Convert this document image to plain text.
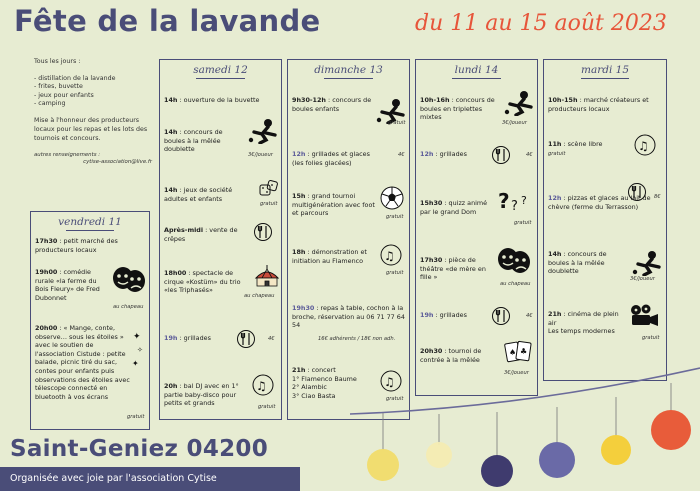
Fête de la lavande	du 11 au 15 août 2023
Tous les jours :
- distillation de la lavande
- frites, buvette
- jeux pour enfants
- camping
Mise à l'honneur des producteurs locaux pour les repas et les lots des tournois et concours.
autres renseignements :
cytise-association@live.fr
vendredi 11
17h30 : petit marché des producteurs locaux
19h00 : comédie rurale «la ferme du Bois Fleury» de Fred Dubonnet
au chapeau
20h00 : « Mange, conte, observe… sous les étoiles » avec le soutien de l'association Cistude : petite balade, picnic tiré du sac, contes pour enfants puis observations des étoiles avec télescope connecté en bluetooth à vos écrans
✦
✧
✦
gratuit
samedi 12
14h : ouverture de la buvette
14h : concours de boules à la mêlée doublette
3€/joueur
14h : jeux de société adultes et enfants
gratuit
Après-midi : vente de crêpes
18h00 : spectacle de cirque «Kostüm» du trio «les Triphasés»
au chapeau
19h : grillades	4€
20h : bal DJ avec en 1° partie baby-disco pour petits et grands
♫
gratuit
dimanche 13
9h30-12h : concours de boules enfants
gratuit
12h : grillades et glaces (les folies glacées)
4€
15h : grand tournoi multigénération avec foot et parcours	gratuit
18h : démonstration et initiation au Flamenco	♫
gratuit
19h30 : repas à table, cochon à la broche, réservation au 06 71 77 64 54
16€ adhérents / 18€ non adh.
21h : concert
1° Flamenco Baume
2° Alambic
3° Ciao Basta
♫
gratuit
lundi 14
10h-16h : concours de boules en triplettes mixtes
3€/joueur
12h : grillades	4€
15h30 : quizz animé par le grand Dom	? ? ?
gratuit
17h30 : pièce de théâtre «de mère en fille »
au chapeau
19h : grillades	4€
20h30 : tournoi de contrée à la mêlée
♠ ♣
3€/joueur
mardi 15
10h-15h : marché créateurs et producteurs locaux
11h : scène libre
gratuit
♫
12h : pizzas et glaces au lait de chèvre (ferme du Terrasson)
8€
14h : concours de boules à la mêlée doublette
3€/joueur
21h : cinéma de plein air
Les temps modernes
gratuit
Saint-Geniez 04200
Organisée avec joie par l'association Cytise
